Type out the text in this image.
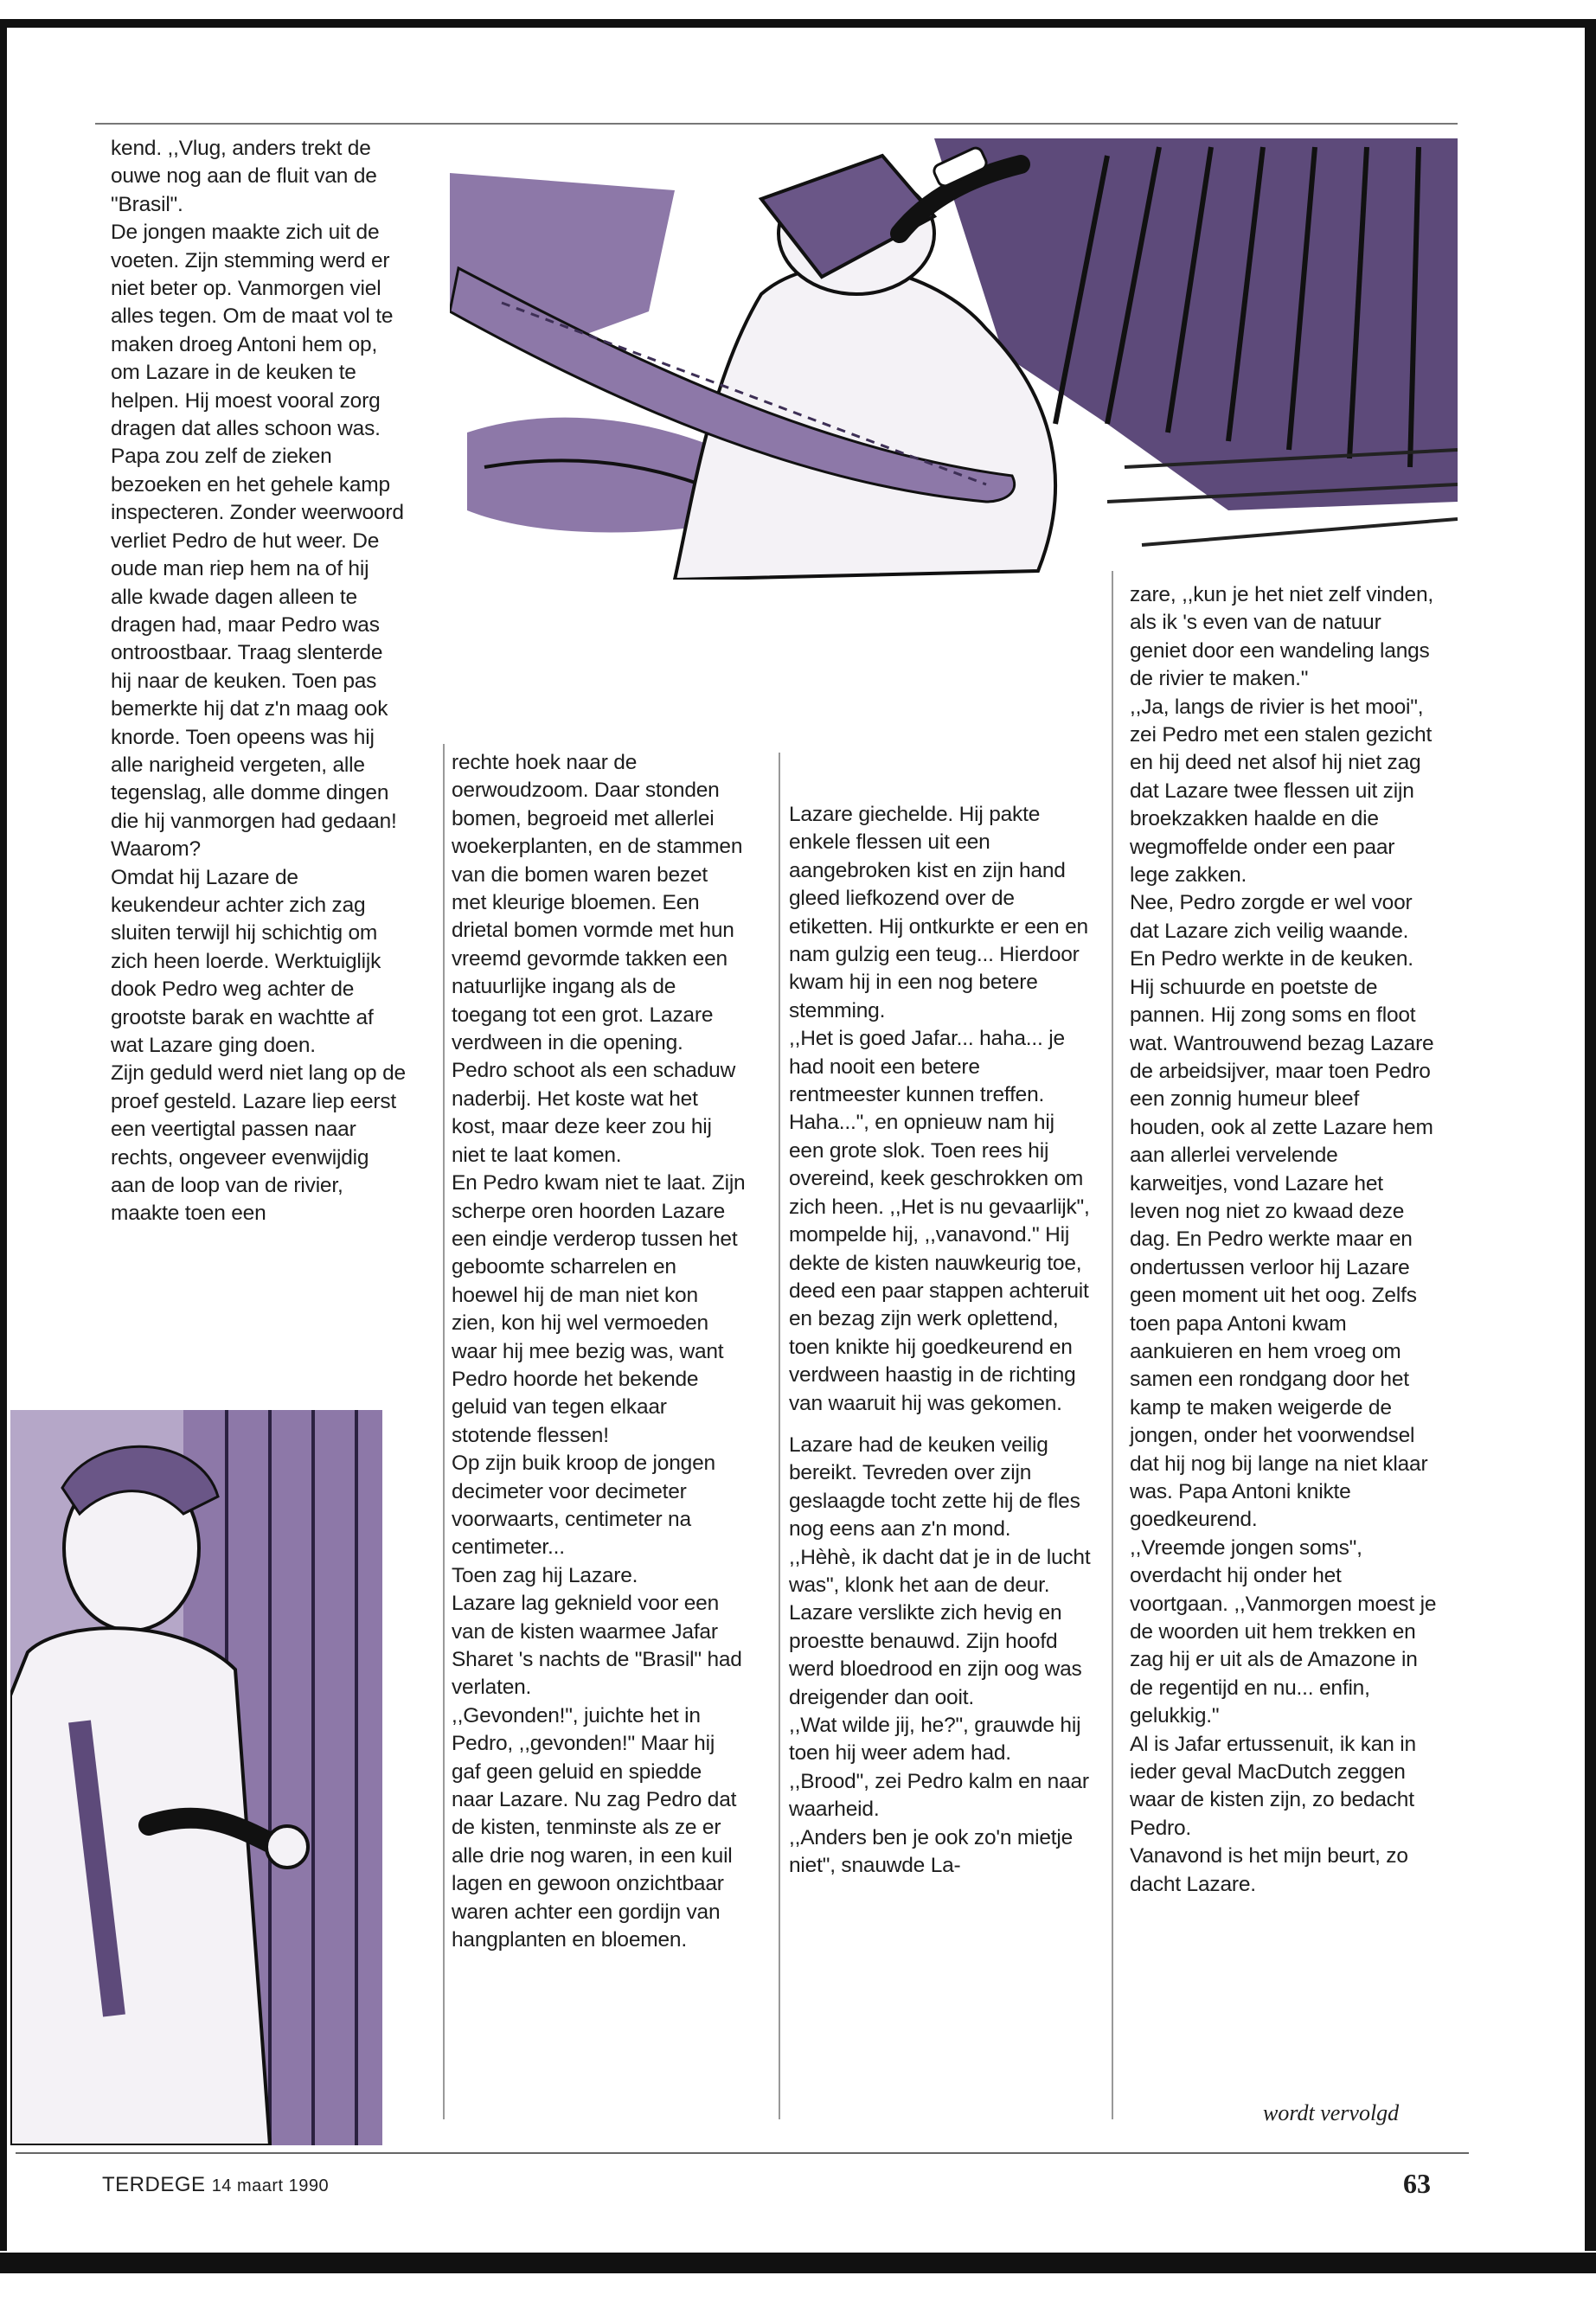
kend. ,,Vlug, anders trekt de ouwe nog aan de fluit van de "Brasil".

De jongen maakte zich uit de voeten. Zijn stemming werd er niet beter op. Vanmorgen viel alles tegen. Om de maat vol te maken droeg Antoni hem op, om Lazare in de keuken te helpen. Hij moest vooral zorg dragen dat alles schoon was. Papa zou zelf de zieken bezoeken en het gehele kamp inspecteren. Zonder weerwoord verliet Pedro de hut weer. De oude man riep hem na of hij alle kwade dagen alleen te dragen had, maar Pedro was ontroostbaar. Traag slenterde hij naar de keuken. Toen pas bemerkte hij dat z'n maag ook knorde. Toen opeens was hij alle narigheid vergeten, alle tegenslag, alle domme dingen die hij vanmorgen had gedaan!

Waarom?

Omdat hij Lazare de keukendeur achter zich zag sluiten terwijl hij schichtig om zich heen loerde. Werktuiglijk dook Pedro weg achter de grootste barak en wachtte af wat Lazare ging doen.

Zijn geduld werd niet lang op de proef gesteld. Lazare liep eerst een veertigtal passen naar rechts, ongeveer evenwijdig aan de loop van de rivier, maakte toen een

rechte hoek naar de oerwoudzoom. Daar stonden bomen, begroeid met allerlei woekerplanten, en de stammen van die bomen waren bezet met kleurige bloemen. Een drietal bomen vormde met hun vreemd gevormde takken een natuurlijke ingang als de toegang tot een grot. Lazare verdween in die opening.

Pedro schoot als een schaduw naderbij. Het koste wat het kost, maar deze keer zou hij niet te laat komen.

En Pedro kwam niet te laat. Zijn scherpe oren hoorden Lazare een eindje verderop tussen het geboomte scharrelen en hoewel hij de man niet kon zien, kon hij wel vermoeden waar hij mee bezig was, want Pedro hoorde het bekende geluid van tegen elkaar stotende flessen!

Op zijn buik kroop de jongen decimeter voor decimeter voorwaarts, centimeter na centimeter...

Toen zag hij Lazare.

Lazare lag geknield voor een van de kisten waarmee Jafar Sharet 's nachts de "Brasil" had verlaten.

,,Gevonden!", juichte het in Pedro, ,,gevonden!" Maar hij gaf geen geluid en spiedde naar Lazare. Nu zag Pedro dat de kisten, tenminste als ze er alle drie nog waren, in een kuil lagen en gewoon onzichtbaar waren achter een gordijn van hangplanten en bloemen.

Lazare giechelde. Hij pakte enkele flessen uit een aangebroken kist en zijn hand gleed liefkozend over de etiketten. Hij ontkurkte er een en nam gulzig een teug... Hierdoor kwam hij in een nog betere stemming.

,,Het is goed Jafar... haha... je had nooit een betere rentmeester kunnen treffen. Haha...", en opnieuw nam hij een grote slok. Toen rees hij overeind, keek geschrokken om zich heen. ,,Het is nu gevaarlijk", mompelde hij, ,,vanavond." Hij dekte de kisten nauwkeurig toe, deed een paar stappen achteruit en bezag zijn werk oplettend, toen knikte hij goedkeurend en verdween haastig in de richting van waaruit hij was gekomen.

Lazare had de keuken veilig bereikt. Tevreden over zijn geslaagde tocht zette hij de fles nog eens aan z'n mond.

,,Hèhè, ik dacht dat je in de lucht was", klonk het aan de deur.

Lazare verslikte zich hevig en proestte benauwd. Zijn hoofd werd bloedrood en zijn oog was dreigender dan ooit.

,,Wat wilde jij, he?", grauwde hij toen hij weer adem had.

,,Brood", zei Pedro kalm en naar waarheid.

,,Anders ben je ook zo'n mietje niet", snauwde La-

zare, ,,kun je het niet zelf vinden, als ik 's even van de natuur geniet door een wandeling langs de rivier te maken."

,,Ja, langs de rivier is het mooi", zei Pedro met een stalen gezicht en hij deed net alsof hij niet zag dat Lazare twee flessen uit zijn broekzakken haalde en die wegmoffelde onder een paar lege zakken.

Nee, Pedro zorgde er wel voor dat Lazare zich veilig waande. En Pedro werkte in de keuken. Hij schuurde en poetste de pannen. Hij zong soms en floot wat. Wantrouwend bezag Lazare de arbeidsijver, maar toen Pedro een zonnig humeur bleef houden, ook al zette Lazare hem aan allerlei vervelende karweitjes, vond Lazare het leven nog niet zo kwaad deze dag. En Pedro werkte maar en ondertussen verloor hij Lazare geen moment uit het oog. Zelfs toen papa Antoni kwam aankuieren en hem vroeg om samen een rondgang door het kamp te maken weigerde de jongen, onder het voorwendsel dat hij nog bij lange na niet klaar was. Papa Antoni knikte goedkeurend.

,,Vreemde jongen soms", overdacht hij onder het voortgaan. ,,Vanmorgen moest je de woorden uit hem trekken en zag hij er uit als de Amazone in de regentijd en nu... enfin, gelukkig."

Al is Jafar ertussenuit, ik kan in ieder geval MacDutch zeggen waar de kisten zijn, zo bedacht Pedro.

Vanavond is het mijn beurt, zo dacht Lazare.

wordt vervolgd
TERDEGE 14 maart 1990	63
